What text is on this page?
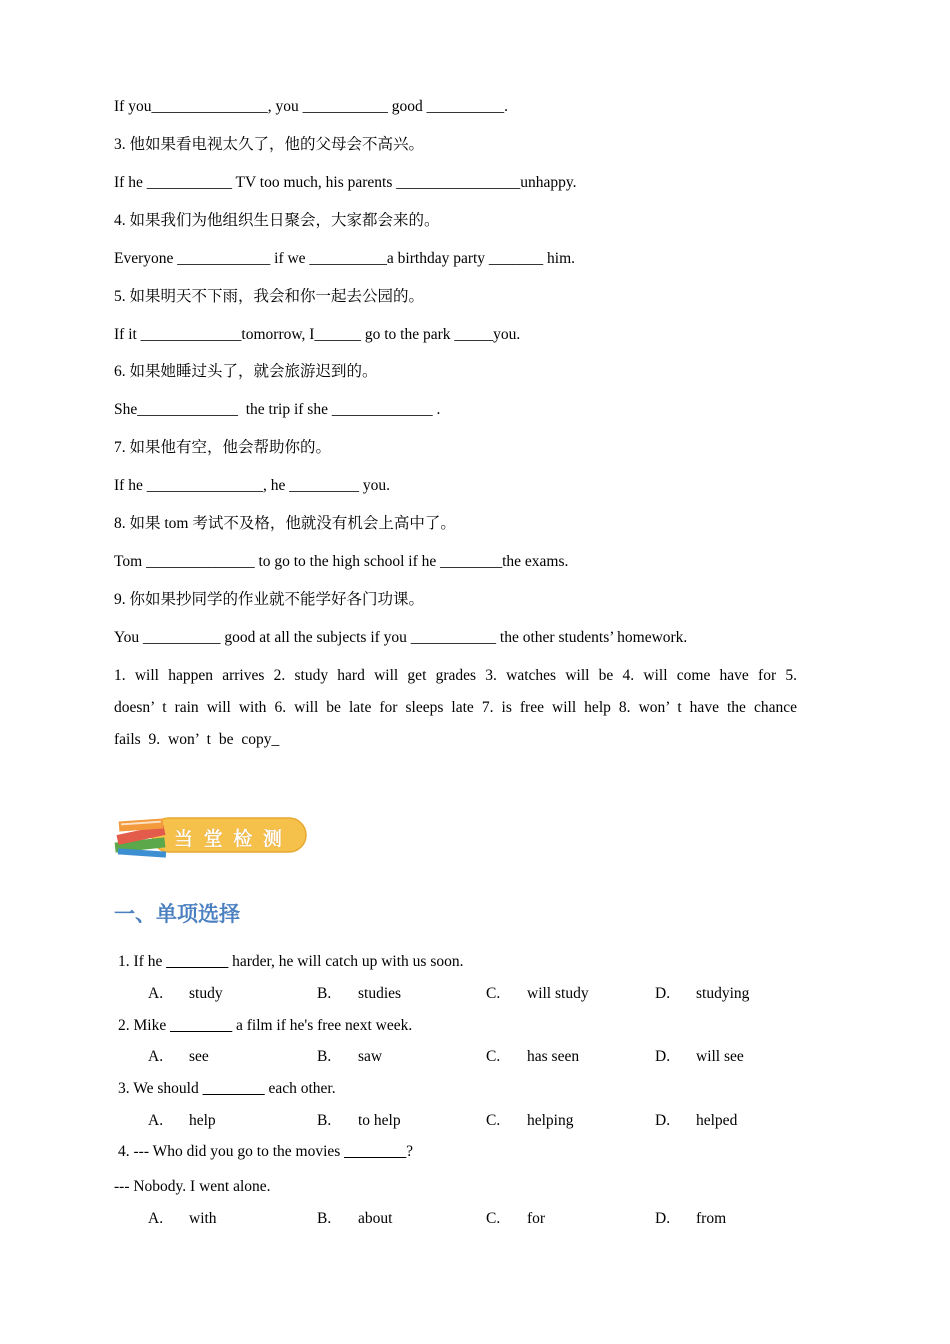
If you_______________, you ___________ good __________.
3. 他如果看电视太久了，他的父母会不高兴。
If he ___________ TV too much, his parents ________________unhappy.
4. 如果我们为他组织生日聚会，大家都会来的。
Everyone ____________ if we __________a birthday party _______ him.
5. 如果明天不下雨，我会和你一起去公园的。
If it _____________tomorrow, I______ go to the park _____you.
6. 如果她睡过头了，就会旅游迟到的。
She_____________  the trip if she _____________ .
7. 如果他有空，他会帮助你的。
If he _______________, he _________ you.
8. 如果 tom 考试不及格，他就没有机会上高中了。
Tom ______________ to go to the high school if he ________the exams.
9. 你如果抄同学的作业就不能学好各门功课。
You __________ good at all the subjects if you ___________ the other students’ homework.
1. will happen arrives 2. study hard will get grades 3. watches will be 4. will come have for 5. doesn’ t rain will with 6. will be late for sleeps late 7. is free will help 8. won’ t have the chance fails 9. won’ t be copy_
当 堂 检 测
一、单项选择
1. If he ________ harder, he will catch up with us soon.
A. study	B. studies	C. will study	D. studying
2. Mike ________ a film if he's free next week.
A. see	B. saw	C. has seen	D. will see
3. We should ________ each other.
A. help	B. to help	C. helping	D. helped
4. --- Who did you go to the movies ________?
--- Nobody. I went alone.
A. with	B. about	C. for	D. from
